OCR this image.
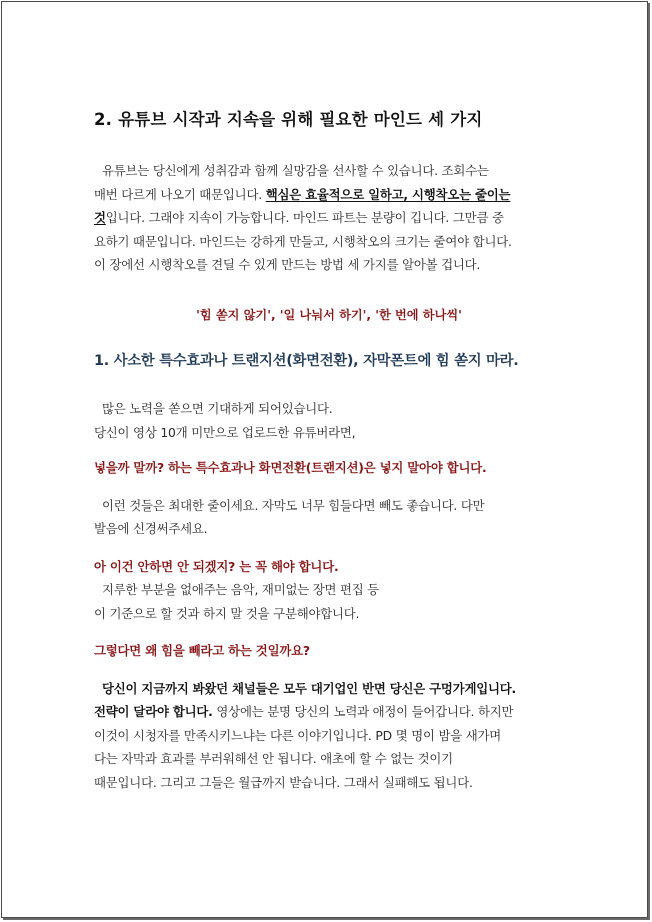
2. 유튜브 시작과 지속을 위해 필요한 마인드 세 가지

유튜브는 당신에게 성취감과 함께 실망감을 선사할 수 있습니다. 조회수는

매번 다르게 나오기 때문입니다. 핵심은 효율적으로 일하고, 시행착오는 줄이는

것입니다. 그래야 지속이 가능합니다. 마인드 파트는 분량이 깁니다. 그만큼 중

요하기 때문입니다. 마인드는 강하게 만들고, 시행착오의 크기는 줄여야 합니다.

이 장에선 시행착오를 견딜 수 있게 만드는 방법 세 가지를 알아볼 겁니다.

'힘 쏟지 않기', '일 나눠서 하기', '한 번에 하나씩'

1. 사소한 특수효과나 트랜지션(화면전환), 자막폰트에 힘 쏟지 마라.

많은 노력을 쏟으면 기대하게 되어있습니다.

당신이 영상 10개 미만으로 업로드한 유튜버라면,

넣을까 말까? 하는 특수효과나 화면전환(트랜지션)은 넣지 말아야 합니다.

이런 것들은 최대한 줄이세요. 자막도 너무 힘들다면 빼도 좋습니다. 다만

발음에 신경써주세요.

아 이건 안하면 안 되겠지? 는 꼭 해야 합니다.

지루한 부분을 없애주는 음악, 재미없는 장면 편집 등

이 기준으로 할 것과 하지 말 것을 구분해야합니다.

그렇다면 왜 힘을 빼라고 하는 것일까요?

당신이 지금까지 봐왔던 채널들은 모두 대기업인 반면 당신은 구멍가게입니다.

전략이 달라야 합니다. 영상에는 분명 당신의 노력과 애정이 들어갑니다. 하지만

이것이 시청자를 만족시키느냐는 다른 이야기입니다. PD 몇 명이 밤을 새가며

다는 자막과 효과를 부러워해선 안 됩니다. 애초에 할 수 없는 것이기

때문입니다. 그리고 그들은 월급까지 받습니다. 그래서 실패해도 됩니다.
